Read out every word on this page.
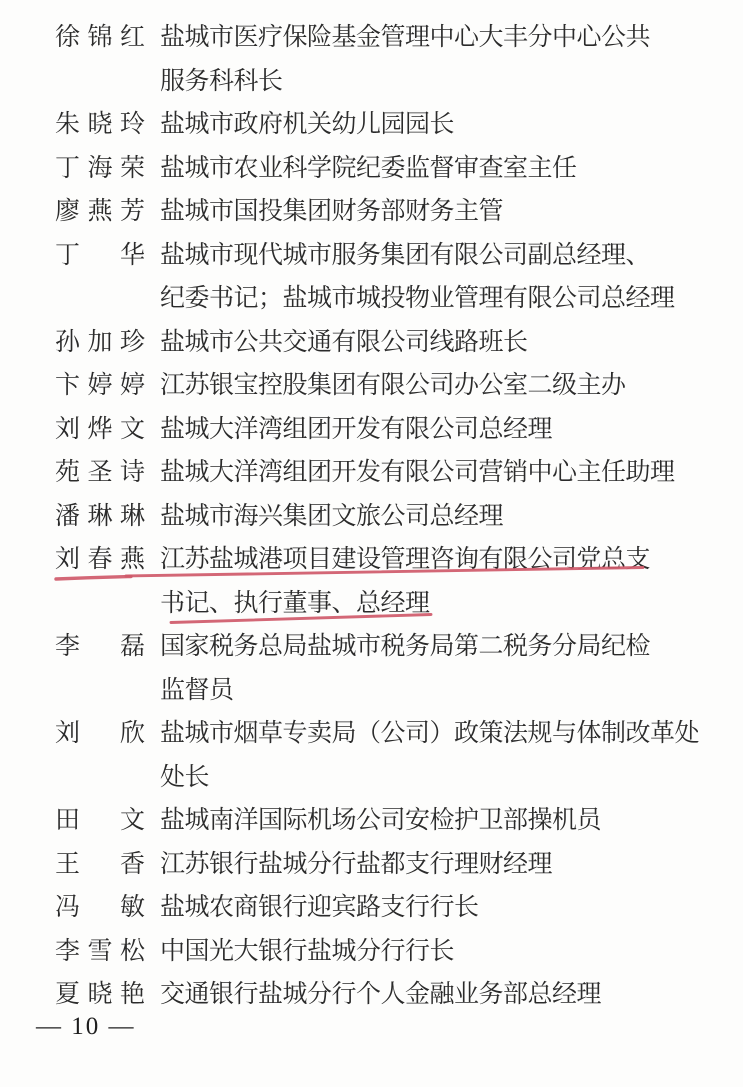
徐锦红 盐城市医疗保险基金管理中心大丰分中心公共
服务科科长
朱晓玲 盐城市政府机关幼儿园园长
丁海荣 盐城市农业科学院纪委监督审查室主任
廖燕芳 盐城市国投集团财务部财务主管
丁　华 盐城市现代城市服务集团有限公司副总经理、
纪委书记；盐城市城投物业管理有限公司总经理
孙加珍 盐城市公共交通有限公司线路班长
卞婷婷 江苏银宝控股集团有限公司办公室二级主办
刘烨文 盐城大洋湾组团开发有限公司总经理
苑圣诗 盐城大洋湾组团开发有限公司营销中心主任助理
潘琳琳 盐城市海兴集团文旅公司总经理
刘春燕 江苏盐城港项目建设管理咨询有限公司党总支
书记、执行董事、总经理
李　磊 国家税务总局盐城市税务局第二税务分局纪检
监督员
刘　欣 盐城市烟草专卖局（公司）政策法规与体制改革处
处长
田　文 盐城南洋国际机场公司安检护卫部操机员
王　香 江苏银行盐城分行盐都支行理财经理
冯　敏 盐城农商银行迎宾路支行行长
李雪松 中国光大银行盐城分行行长
夏晓艳 交通银行盐城分行个人金融业务部总经理
— 10 —
